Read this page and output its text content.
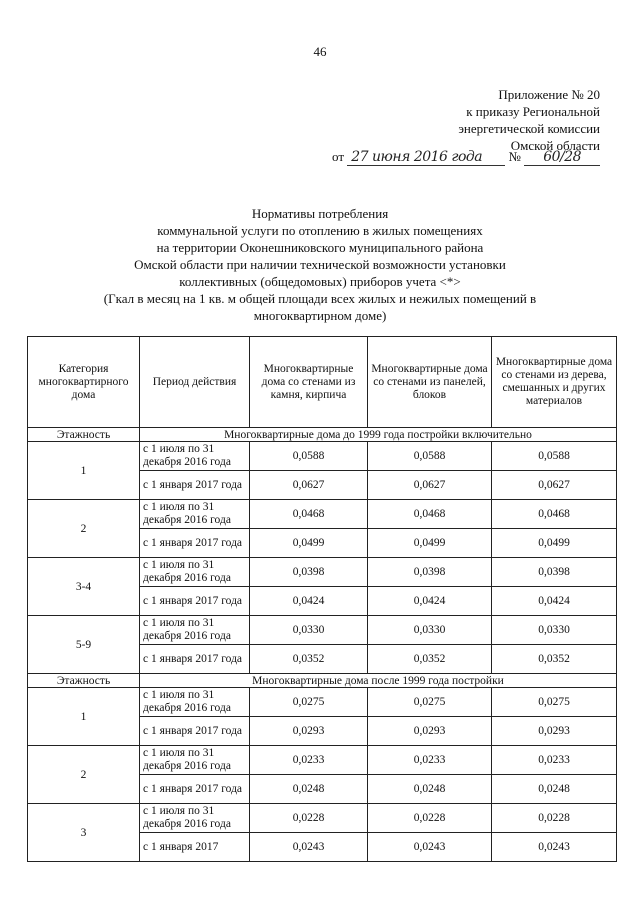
46
Приложение № 20
к приказу Региональной
энергетической комиссии
Омской области
от 27 июня 2016 года № 60/28
Нормативы потребления
коммунальной услуги по отоплению в жилых помещениях
на территории Оконешниковского муниципального района
Омской области при наличии технической возможности установки
коллективных (общедомовых) приборов учета <*>
(Гкал в месяц на 1 кв. м общей площади всех жилых и нежилых помещений в
многоквартирном доме)
Категория многоквартирного дома	Период действия	Многоквартирные дома со стенами из камня, кирпича	Многоквартирные дома со стенами из панелей, блоков	Многоквартирные дома со стенами из дерева, смешанных и других материалов
Этажность	Многоквартирные дома до 1999 года постройки включительно			
1	с 1 июля по 31 декабря 2016 года	0,0588	0,0588	0,0588
	с 1 января 2017 года	0,0627	0,0627	0,0627
2	с 1 июля по 31 декабря 2016 года	0,0468	0,0468	0,0468
	с 1 января 2017 года	0,0499	0,0499	0,0499
3-4	с 1 июля по 31 декабря 2016 года	0,0398	0,0398	0,0398
	с 1 января 2017 года	0,0424	0,0424	0,0424
5-9	с 1 июля по 31 декабря 2016 года	0,0330	0,0330	0,0330
	с 1 января 2017 года	0,0352	0,0352	0,0352
Этажность	Многоквартирные дома после 1999 года постройки			
1	с 1 июля по 31 декабря 2016 года	0,0275	0,0275	0,0275
	с 1 января 2017 года	0,0293	0,0293	0,0293
2	с 1 июля по 31 декабря 2016 года	0,0233	0,0233	0,0233
	с 1 января 2017 года	0,0248	0,0248	0,0248
3	с 1 июля по 31 декабря 2016 года	0,0228	0,0228	0,0228
	с 1 января 2017	0,0243	0,0243	0,0243
